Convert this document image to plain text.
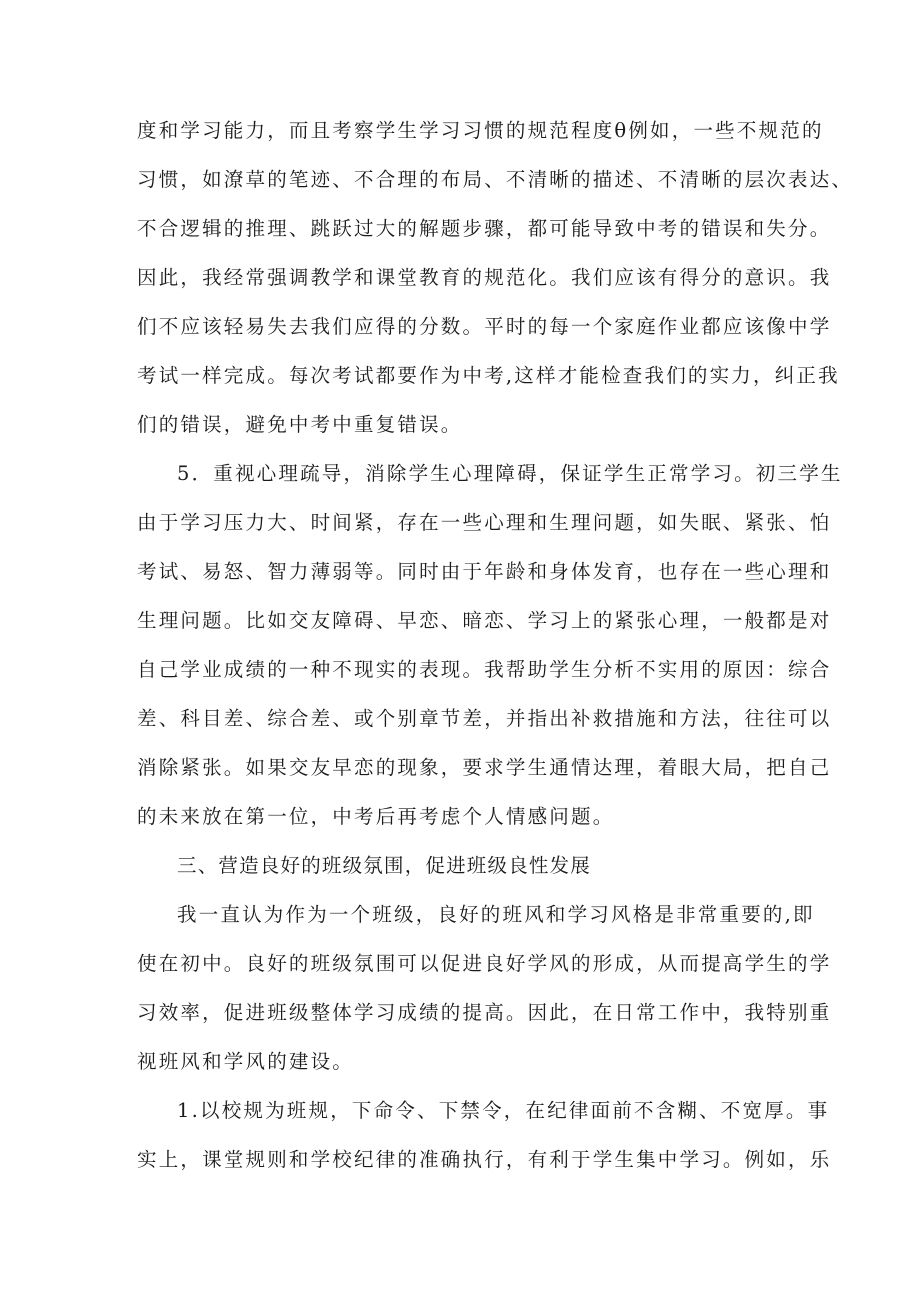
度和学习能力，而且考察学生学习习惯的规范程度θ例如，一些不规范的
习惯，如潦草的笔迹、不合理的布局、不清晰的描述、不清晰的层次表达、
不合逻辑的推理、跳跃过大的解题步骤，都可能导致中考的错误和失分。
因此，我经常强调教学和课堂教育的规范化。我们应该有得分的意识。我
们不应该轻易失去我们应得的分数。平时的每一个家庭作业都应该像中学
考试一样完成。每次考试都要作为中考,这样才能检查我们的实力，纠正我
们的错误，避免中考中重复错误。
5．重视心理疏导，消除学生心理障碍，保证学生正常学习。初三学生
由于学习压力大、时间紧，存在一些心理和生理问题，如失眠、紧张、怕
考试、易怒、智力薄弱等。同时由于年龄和身体发育，也存在一些心理和
生理问题。比如交友障碍、早恋、暗恋、学习上的紧张心理，一般都是对
自己学业成绩的一种不现实的表现。我帮助学生分析不实用的原因：综合
差、科目差、综合差、或个别章节差，并指出补救措施和方法，往往可以
消除紧张。如果交友早恋的现象，要求学生通情达理，着眼大局，把自己
的未来放在第一位，中考后再考虑个人情感问题。
三、营造良好的班级氛围，促进班级良性发展
我一直认为作为一个班级，良好的班风和学习风格是非常重要的,即
使在初中。良好的班级氛围可以促进良好学风的形成，从而提高学生的学
习效率，促进班级整体学习成绩的提高。因此，在日常工作中，我特别重
视班风和学风的建设。
1.以校规为班规，下命令、下禁令，在纪律面前不含糊、不宽厚。事
实上，课堂规则和学校纪律的准确执行，有利于学生集中学习。例如，乐
